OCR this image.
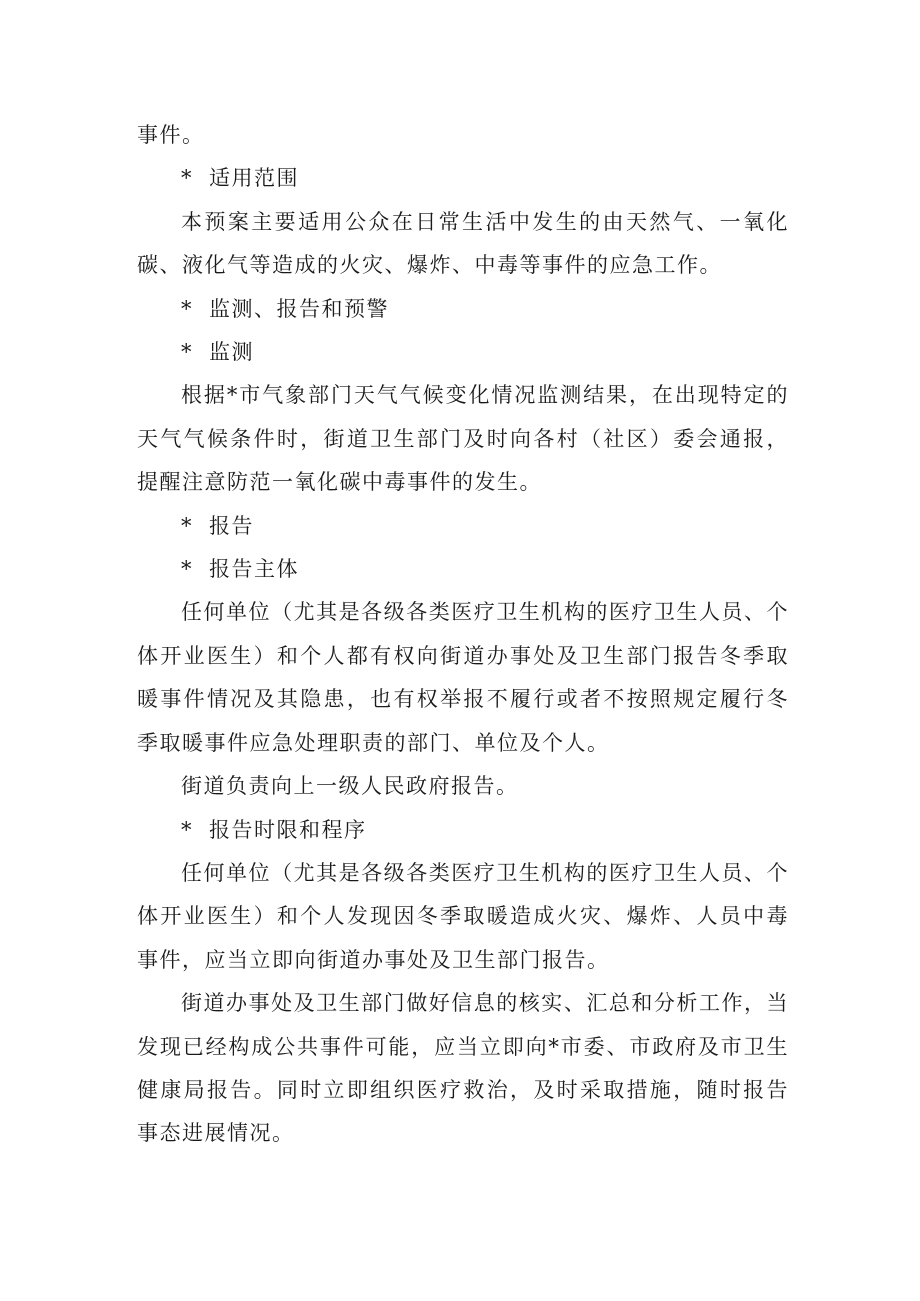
事件。

* 适用范围

本预案主要适用公众在日常生活中发生的由天然气、一氧化碳、液化气等造成的火灾、爆炸、中毒等事件的应急工作。

* 监测、报告和预警

* 监测

根据*市气象部门天气气候变化情况监测结果，在出现特定的天气气候条件时，街道卫生部门及时向各村（社区）委会通报，提醒注意防范一氧化碳中毒事件的发生。

* 报告

* 报告主体

任何单位（尤其是各级各类医疗卫生机构的医疗卫生人员、个体开业医生）和个人都有权向街道办事处及卫生部门报告冬季取暖事件情况及其隐患，也有权举报不履行或者不按照规定履行冬季取暖事件应急处理职责的部门、单位及个人。

街道负责向上一级人民政府报告。

* 报告时限和程序

任何单位（尤其是各级各类医疗卫生机构的医疗卫生人员、个体开业医生）和个人发现因冬季取暖造成火灾、爆炸、人员中毒事件，应当立即向街道办事处及卫生部门报告。

街道办事处及卫生部门做好信息的核实、汇总和分析工作，当发现已经构成公共事件可能，应当立即向*市委、市政府及市卫生健康局报告。同时立即组织医疗救治，及时采取措施，随时报告事态进展情况。
